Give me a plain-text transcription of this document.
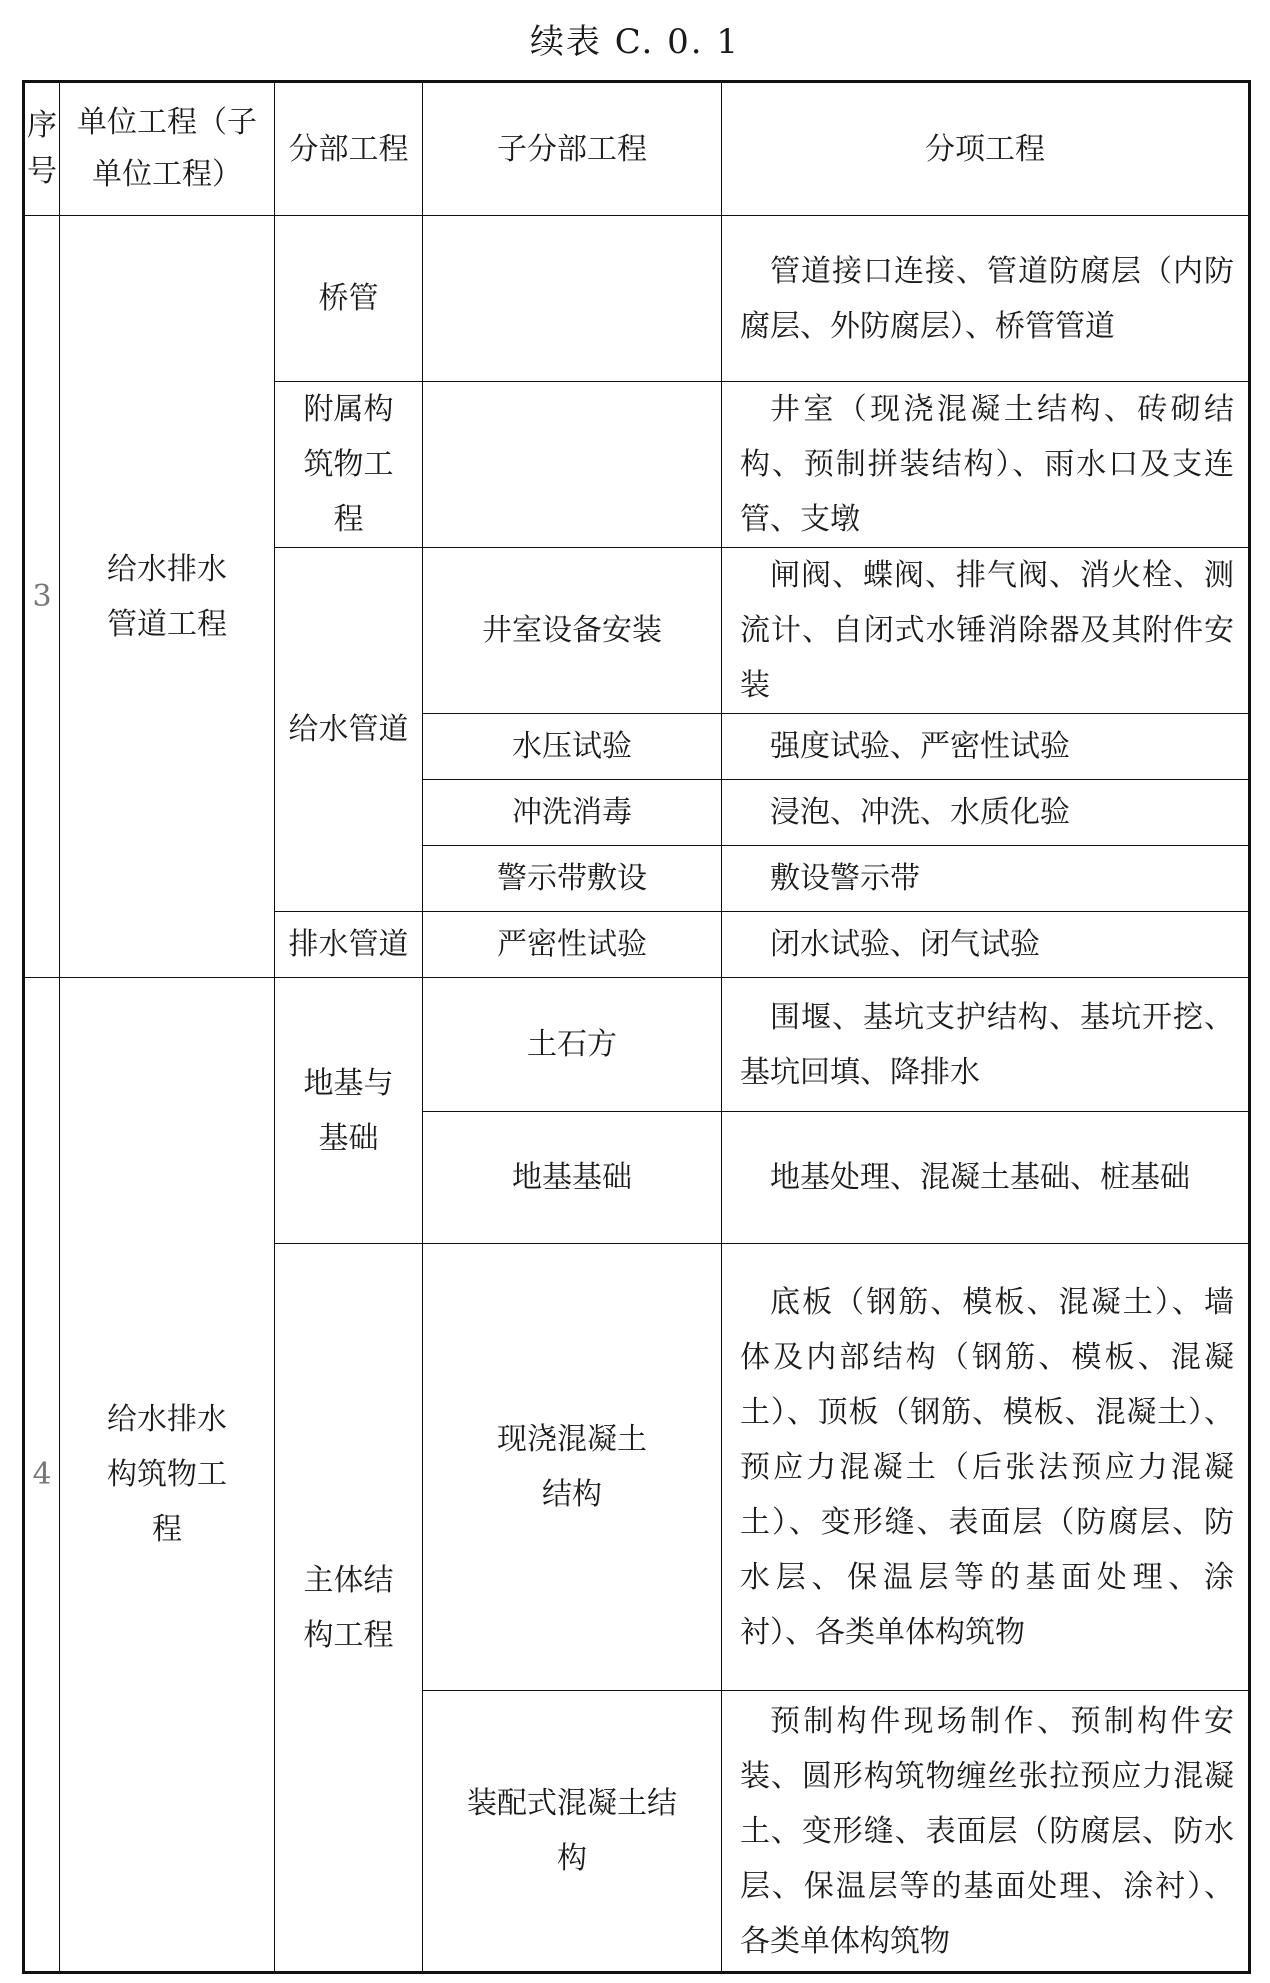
续表 C. 0. 1
序号	单位工程（子单位工程）	分部工程	子分部工程	分项工程
3	给水排水管道工程	桥管		管道接口连接、管道防腐层（内防腐层、外防腐层）、桥管管道

		附属构筑物工程		井室（现浇混凝土结构、砖砌结构、预制拼装结构）、雨水口及支连管、支墩

		给水管道	井室设备安装	闸阀、蝶阀、排气阀、消火栓、测流计、自闭式水锤消除器及其附件安装

			水压试验	强度试验、严密性试验

			冲洗消毒	浸泡、冲洗、水质化验

			警示带敷设	敷设警示带

		排水管道	严密性试验	闭水试验、闭气试验

4	给水排水构筑物工程	地基与基础	土石方	围堰、基坑支护结构、基坑开挖、基坑回填、降排水

			地基基础	地基处理、混凝土基础、桩基础

		主体结构工程	现浇混凝土结构	底板（钢筋、模板、混凝土）、墙体及内部结构（钢筋、模板、混凝土）、顶板（钢筋、模板、混凝土）、预应力混凝土（后张法预应力混凝土）、变形缝、表面层（防腐层、防水层、保温层等的基面处理、涂衬）、各类单体构筑物

			装配式混凝土结构	预制构件现场制作、预制构件安装、圆形构筑物缠丝张拉预应力混凝土、变形缝、表面层（防腐层、防水层、保温层等的基面处理、涂衬）、各类单体构筑物
